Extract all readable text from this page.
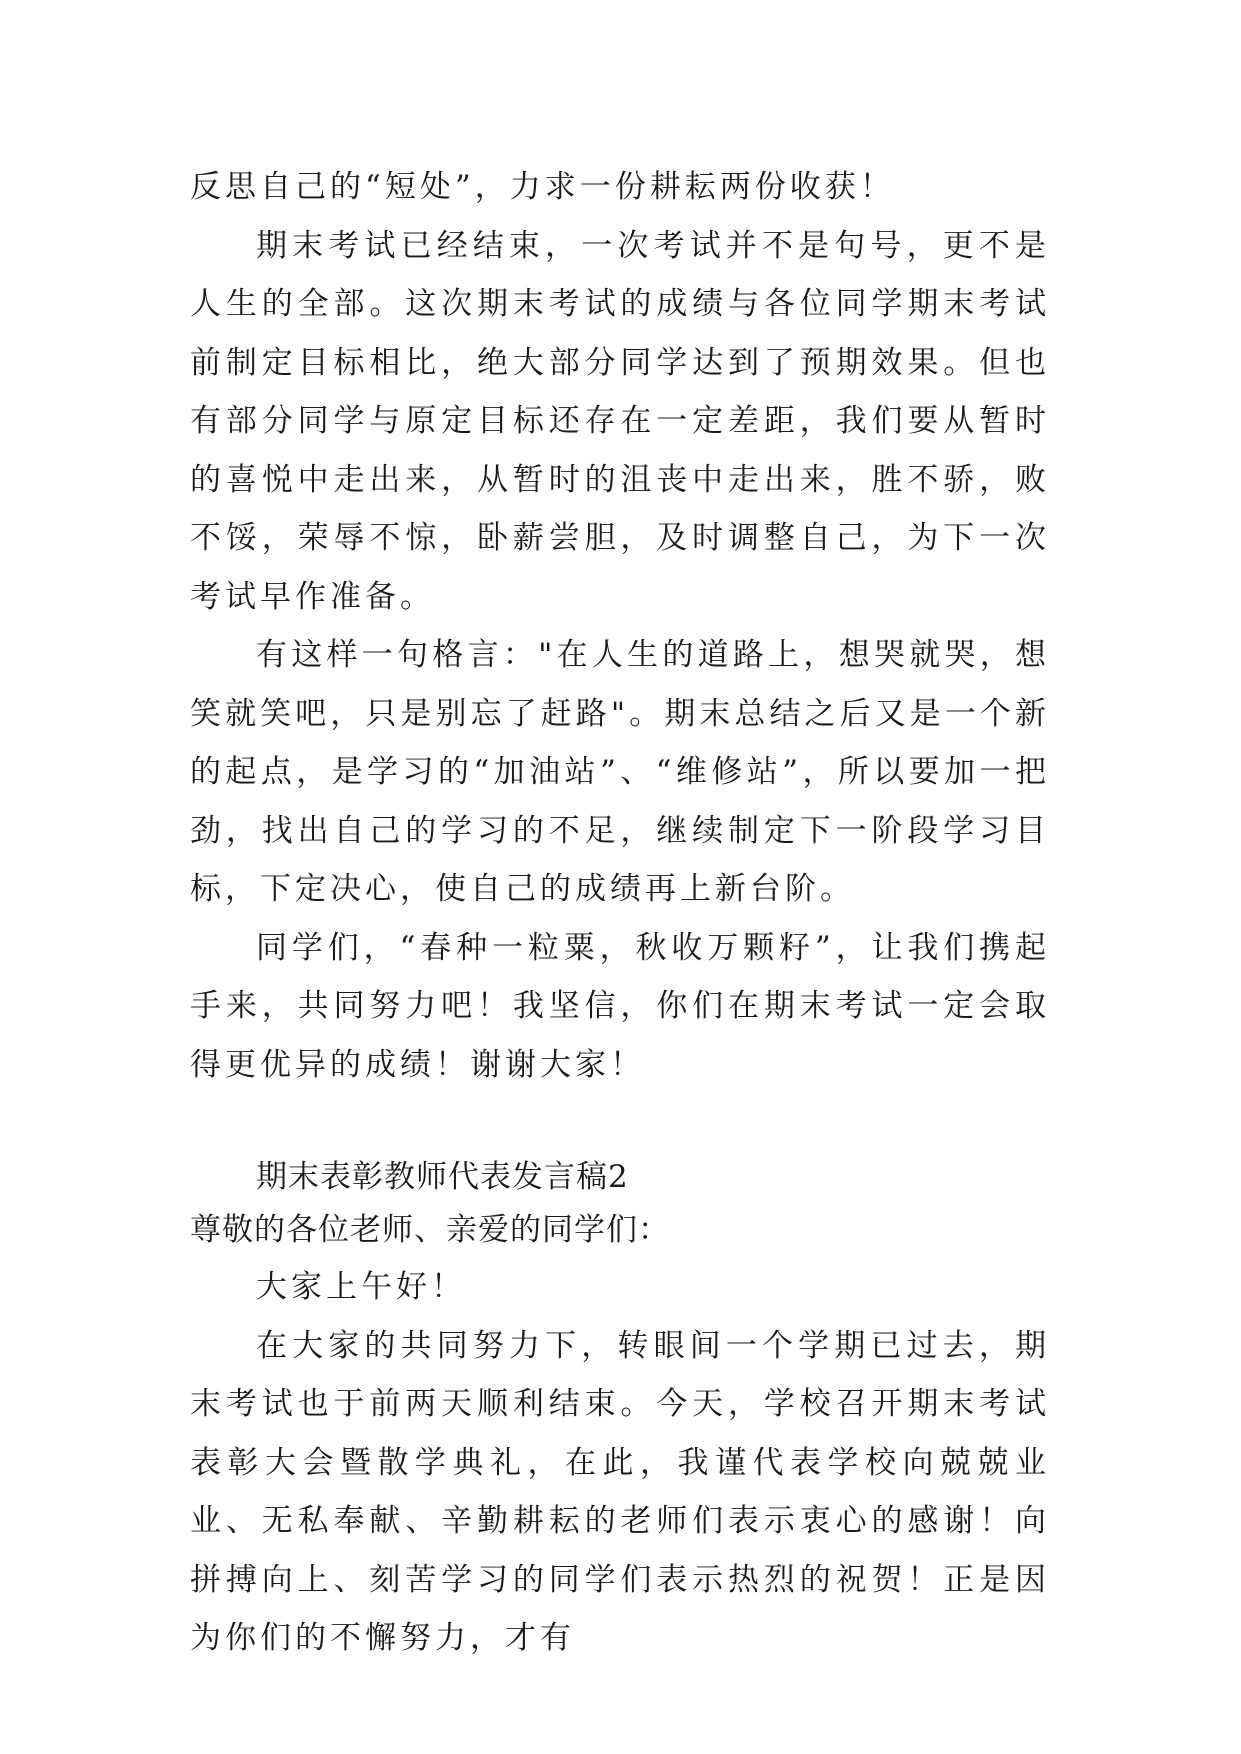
反思自己的“短处”，力求一份耕耘两份收获！

期末考试已经结束，一次考试并不是句号，更不是人生的全部。这次期末考试的成绩与各位同学期末考试前制定目标相比，绝大部分同学达到了预期效果。但也有部分同学与原定目标还存在一定差距，我们要从暂时的喜悦中走出来，从暂时的沮丧中走出来，胜不骄，败不馁，荣辱不惊，卧薪尝胆，及时调整自己，为下一次考试早作准备。

有这样一句格言："在人生的道路上，想哭就哭，想笑就笑吧，只是别忘了赶路"。期末总结之后又是一个新的起点，是学习的“加油站”、“维修站”，所以要加一把劲，找出自己的学习的不足，继续制定下一阶段学习目标，下定决心，使自己的成绩再上新台阶。

同学们，“春种一粒粟，秋收万颗籽”，让我们携起手来，共同努力吧！我坚信，你们在期末考试一定会取得更优异的成绩！谢谢大家！

期末表彰教师代表发言稿2

尊敬的各位老师、亲爱的同学们：

大家上午好！

在大家的共同努力下，转眼间一个学期已过去，期末考试也于前两天顺利结束。今天，学校召开期末考试表彰大会暨散学典礼，在此，我谨代表学校向兢兢业业、无私奉献、辛勤耕耘的老师们表示衷心的感谢！向拼搏向上、刻苦学习的同学们表示热烈的祝贺！正是因为你们的不懈努力，才有
